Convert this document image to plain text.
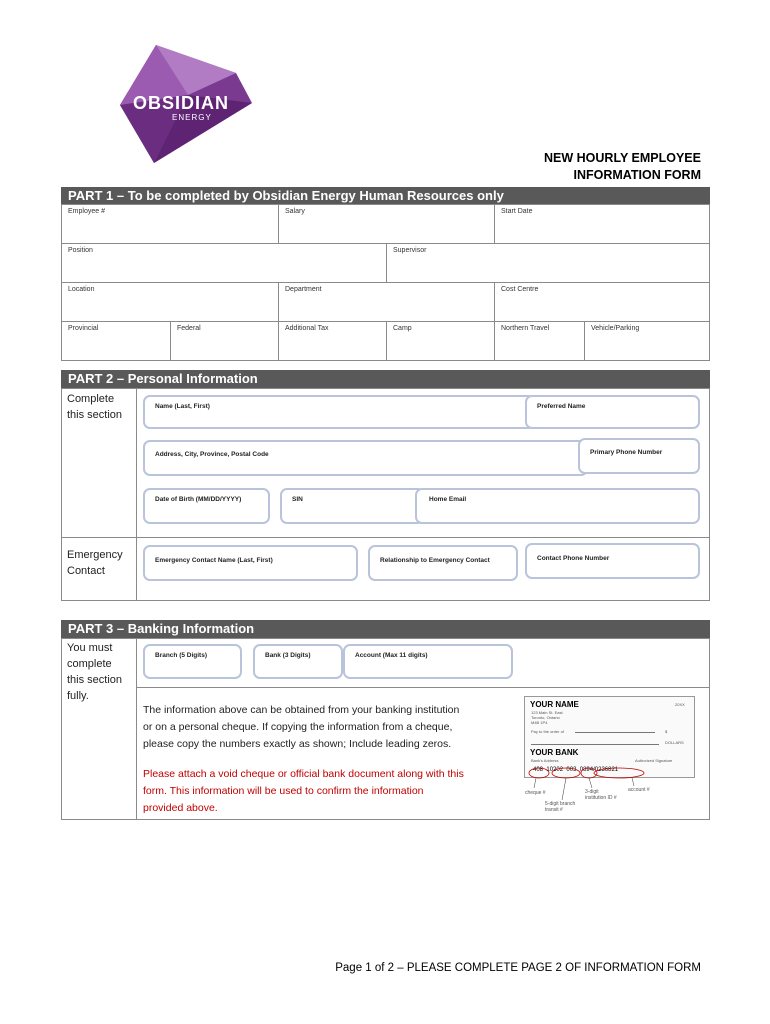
OBSIDIAN
ENERGY
NEW HOURLY EMPLOYEE
INFORMATION FORM
PART 1 – To be completed by Obsidian Energy Human Resources only
Employee #	Salary	Start Date
Position	Supervisor
Location	Department	Cost Centre
Provincial	Federal	Additional Tax	Camp	Northern Travel	Vehicle/Parking
PART 2 – Personal Information
Complete
this section
Emergency
Contact
Name (Last, First)	Preferred Name
Address, City, Province, Postal Code	Primary Phone Number
Date of Birth (MM/DD/YYYY)	SIN	Home Email
Emergency Contact Name (Last, First)	Relationship to Emergency Contact	Contact Phone Number
PART 3 – Banking Information
You must
complete
this section
fully.
Branch (5 Digits)	Bank (3 Digits)	Account (Max 11 digits)
The information above can be obtained from your banking institution
or on a personal cheque. If copying the information from a cheque,
please copy the numbers exactly as shown; Include leading zeros.
Please attach a void cheque or official bank document along with this
form. This information will be used to confirm the information
provided above.
YOUR NAME
123 Main St. East
Toronto, Ontario
M4B 1P4
20XX
Pay to the order of	$
DOLLARS
YOUR BANK
Bank's Address	Authorized Signature
408 10202 003 0894/0236821
cheque #
5-digit branch
transit #
3-digit
institution ID #
account #
Page 1 of 2 – PLEASE COMPLETE PAGE 2 OF INFORMATION FORM
